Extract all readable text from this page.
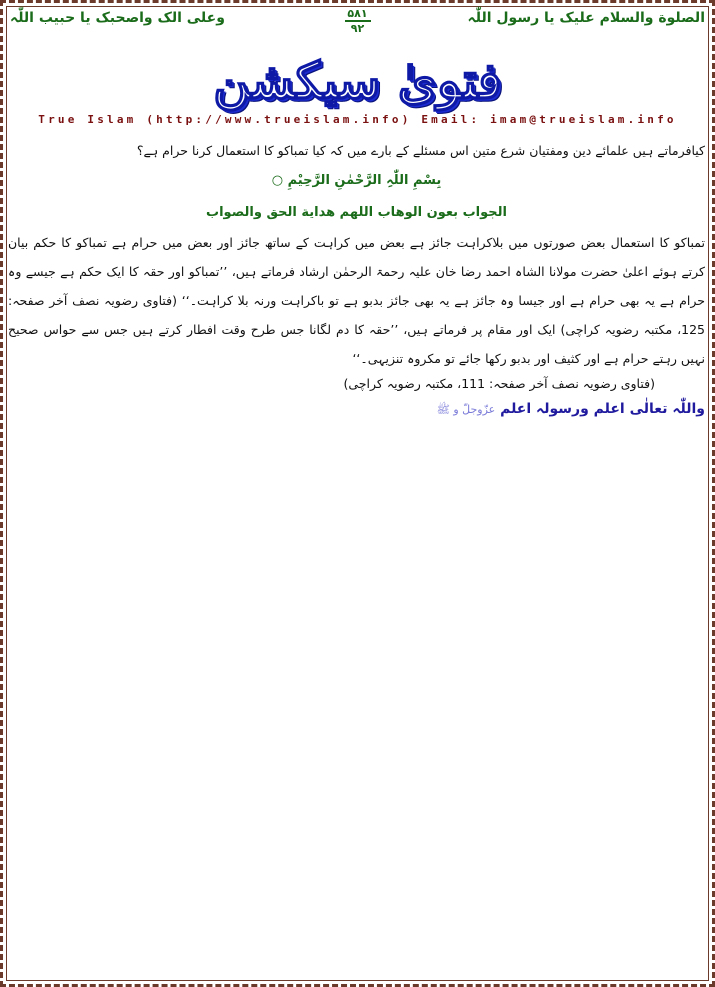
الصلوة والسلام علیک یا رسول اللّٰہ
۵۸۱
۹۲
وعلی الک واصحبک یا حبیب اللّٰہ
فتویٰ سیکشن
True Islam (http://www.trueislam.info) Email: imam@trueislam.info
کیافرماتے ہیں علمائے دین ومفتیان شرع متین اس مسئلے کے بارے میں کہ کیا تمباکو کا استعمال کرنا حرام ہے؟
بِسْمِ اللّٰہِ الرَّحْمٰنِ الرَّحِیْمِ ○
الجواب بعون الوهاب اللهم هداية الحق والصواب
تمباکو کا استعمال بعض صورتوں میں بلاکراہت جائز ہے بعض میں کراہت کے ساتھ جائز اور بعض میں حرام ہے تمباکو کا حکم بیان کرتے ہوئے اعلیٰ حضرت مولانا الشاہ احمد رضا خان علیہ رحمۃ الرحمٰن ارشاد فرماتے ہیں، ’’تمباکو اور حقہ کا ایک حکم ہے جیسے وہ حرام ہے یہ بھی حرام ہے اور جیسا وہ جائز ہے یہ بھی جائز بدبو ہے تو باکراہت ورنہ بلا کراہت۔‘‘ (فتاوی رضویہ نصف آخر صفحہ: 125، مکتبہ رضویہ کراچی) ایک اور مقام پر فرماتے ہیں، ’’حقہ کا دم لگانا جس طرح وقت افطار کرتے ہیں جس سے حواس صحیح نہیں رہتے حرام ہے اور کثیف اور بدبو رکھا جائے تو مکروہ تنزیہی۔‘‘
(فتاوی رضویہ نصف آخر صفحہ: 111، مکتبہ رضویہ کراچی)
واللّٰہ تعالٰی اعلم ورسولہ اعلم عزّوجلّ و ﷺ
